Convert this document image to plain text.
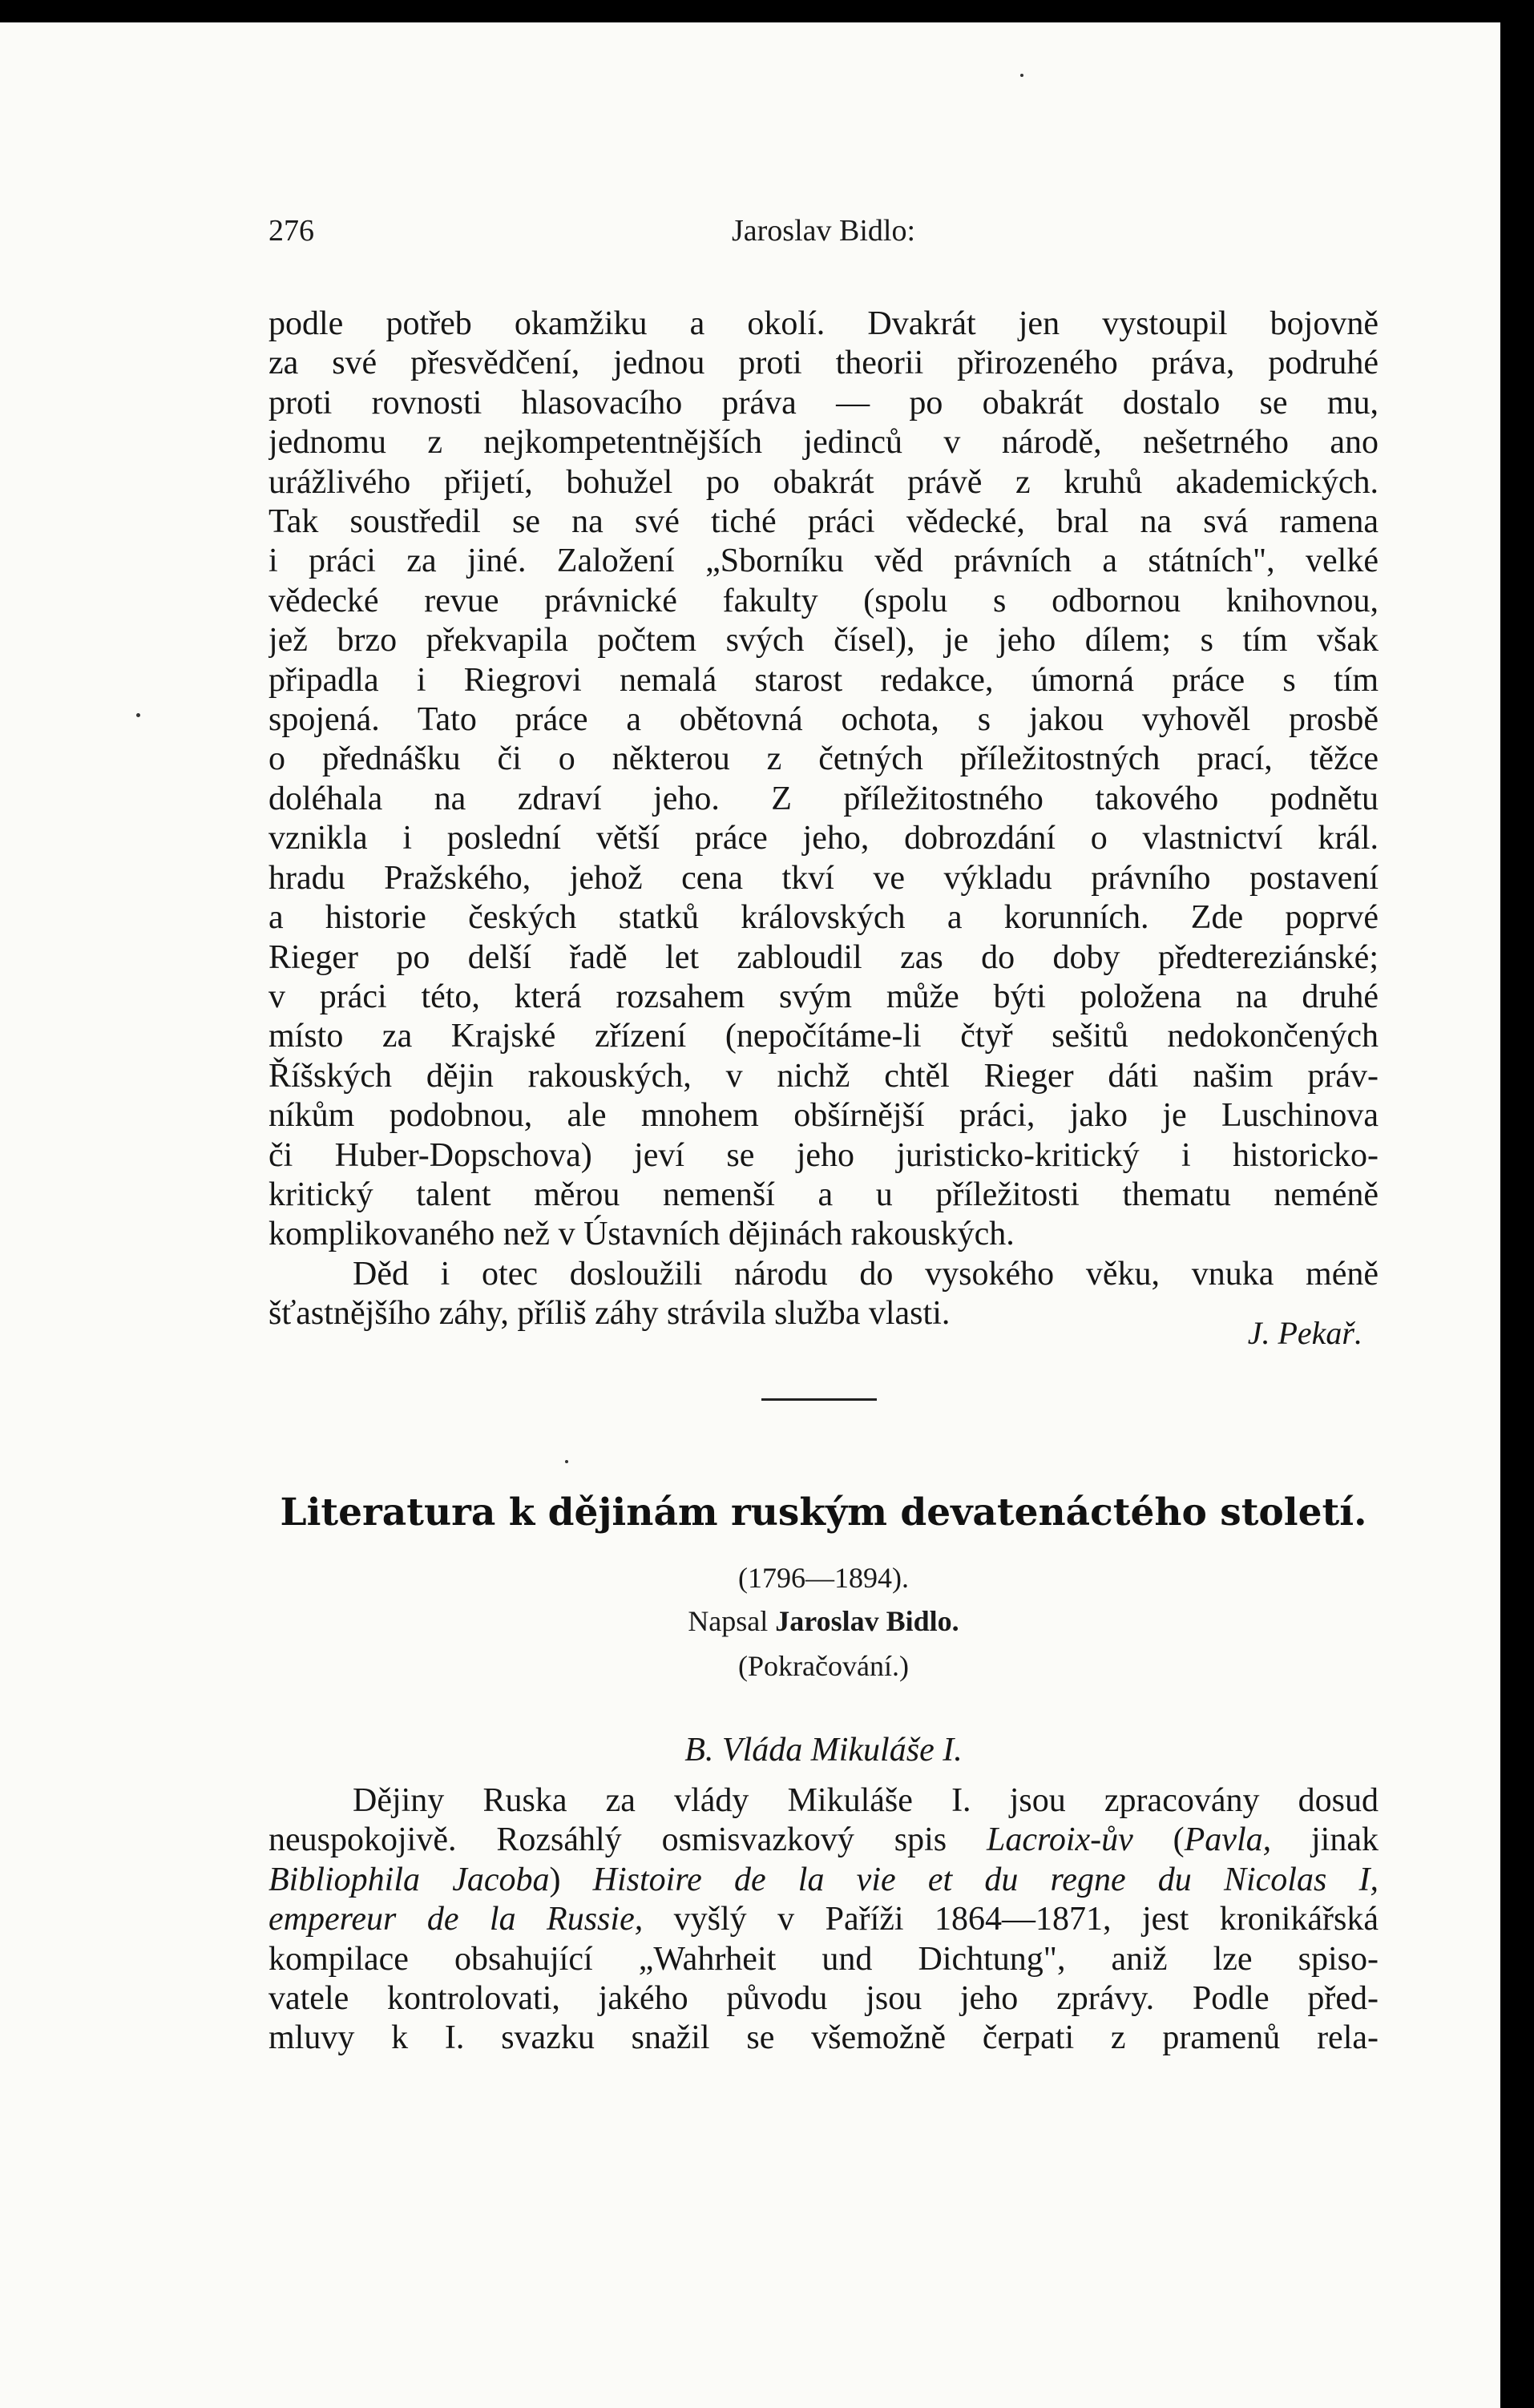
276	Jaroslav Bidlo:
podle potřeb okamžiku a okolí. Dvakrát jen vystoupil bojovně
za své přesvědčení, jednou proti theorii přirozeného práva, podruhé
proti rovnosti hlasovacího práva — po obakrát dostalo se mu,
jednomu z nejkompetentnějších jedinců v národě, nešetrného ano
urážlivého přijetí, bohužel po obakrát právě z kruhů akademických.
Tak soustředil se na své tiché práci vědecké, bral na svá ramena
i práci za jiné. Založení „Sborníku věd právních a státních", velké
vědecké revue právnické fakulty (spolu s odbornou knihovnou,
jež brzo překvapila počtem svých čísel), je jeho dílem; s tím však
připadla i Riegrovi nemalá starost redakce, úmorná práce s tím
spojená. Tato práce a obětovná ochota, s jakou vyhověl prosbě
o přednášku či o některou z četných příležitostných prací, těžce
doléhala na zdraví jeho. Z příležitostného takového podnětu
vznikla i poslední větší práce jeho, dobrozdání o vlastnictví král.
hradu Pražského, jehož cena tkví ve výkladu právního postavení
a historie českých statků královských a korunních. Zde poprvé
Rieger po delší řadě let zabloudil zas do doby předtereziánské;
v práci této, která rozsahem svým může býti položena na druhé
místo za Krajské zřízení (nepočítáme-li čtyř sešitů nedokončených
Říšských dějin rakouských, v nichž chtěl Rieger dáti našim práv-
níkům podobnou, ale mnohem obšírnější práci, jako je Luschinova
či Huber-Dopschova) jeví se jeho juristicko-kritický i historicko-
kritický talent měrou nemenší a u příležitosti thematu neméně
komplikovaného než v Ústavních dějinách rakouských.
Děd i otec dosloužili národu do vysokého věku, vnuka méně
šťastnějšího záhy, příliš záhy strávila služba vlasti.
J. Pekař.
Literatura k dějinám ruským devatenáctého století.
(1796—1894).
Napsal Jaroslav Bidlo.
(Pokračování.)
B. Vláda Mikuláše I.
Dějiny Ruska za vlády Mikuláše I. jsou zpracovány dosud
neuspokojivě. Rozsáhlý osmisvazkový spis Lacroix-ův (Pavla, jinak
Bibliophila Jacoba) Histoire de la vie et du regne du Nicolas I,
empereur de la Russie, vyšlý v Paříži 1864—1871, jest kronikářská
kompilace obsahující „Wahrheit und Dichtung", aniž lze spiso-
vatele kontrolovati, jakého původu jsou jeho zprávy. Podle před-
mluvy k I. svazku snažil se všemožně čerpati z pramenů rela-
